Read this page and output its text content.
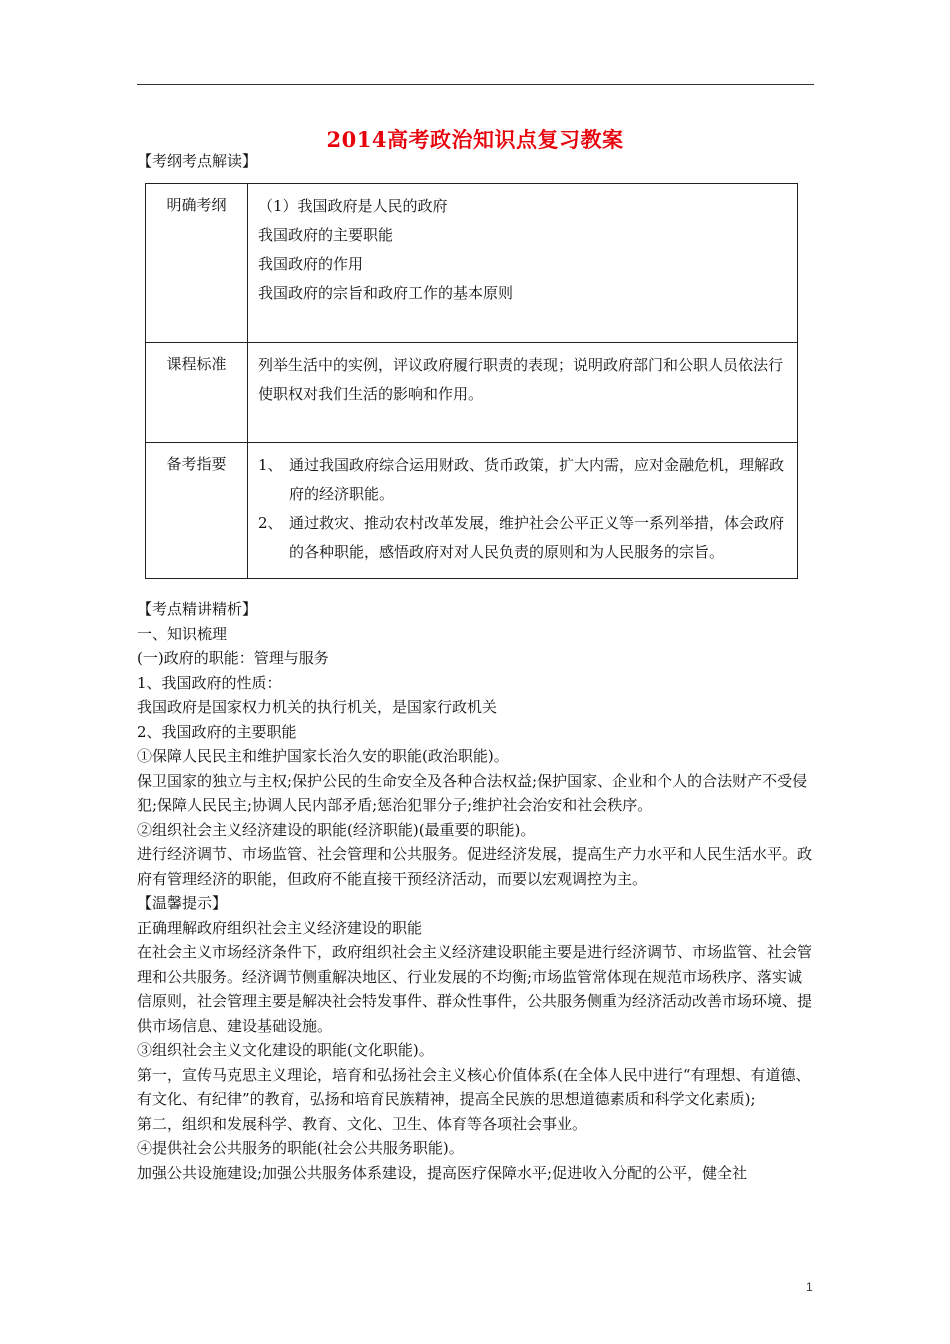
2014高考政治知识点复习教案
【考纲考点解读】
明确考纲	（1）我国政府是人民的政府
我国政府的主要职能
我国政府的作用
我国政府的宗旨和政府工作的基本原则

课程标准	列举生活中的实例，评议政府履行职责的表现；说明政府部门和公职人员依法行使职权对我们生活的影响和作用。

备考指要	1、 通过我国政府综合运用财政、货币政策，扩大内需，应对金融危机，理解政府的经济职能。
2、 通过救灾、推动农村改革发展，维护社会公平正义等一系列举措，体会政府的各种职能，感悟政府对对人民负责的原则和为人民服务的宗旨。

【考点精讲精析】

一、知识梳理

(一)政府的职能：管理与服务

1、我国政府的性质：

我国政府是国家权力机关的执行机关，是国家行政机关

2、我国政府的主要职能

①保障人民民主和维护国家长治久安的职能(政治职能)。

保卫国家的独立与主权;保护公民的生命安全及各种合法权益;保护国家、企业和个人的合法财产不受侵犯;保障人民民主;协调人民内部矛盾;惩治犯罪分子;维护社会治安和社会秩序。

②组织社会主义经济建设的职能(经济职能)(最重要的职能)。

进行经济调节、市场监管、社会管理和公共服务。促进经济发展，提高生产力水平和人民生活水平。政府有管理经济的职能，但政府不能直接干预经济活动，而要以宏观调控为主。

【温馨提示】

正确理解政府组织社会主义经济建设的职能

在社会主义市场经济条件下，政府组织社会主义经济建设职能主要是进行经济调节、市场监管、社会管理和公共服务。经济调节侧重解决地区、行业发展的不均衡;市场监管常体现在规范市场秩序、落实诚信原则，社会管理主要是解决社会特发事件、群众性事件，公共服务侧重为经济活动改善市场环境、提供市场信息、建设基础设施。

③组织社会主义文化建设的职能(文化职能)。

第一，宣传马克思主义理论，培育和弘扬社会主义核心价值体系(在全体人民中进行“有理想、有道德、有文化、有纪律”的教育，弘扬和培育民族精神，提高全民族的思想道德素质和科学文化素质);

第二，组织和发展科学、教育、文化、卫生、体育等各项社会事业。

④提供社会公共服务的职能(社会公共服务职能)。

加强公共设施建设;加强公共服务体系建设，提高医疗保障水平;促进收入分配的公平，健全社

1
